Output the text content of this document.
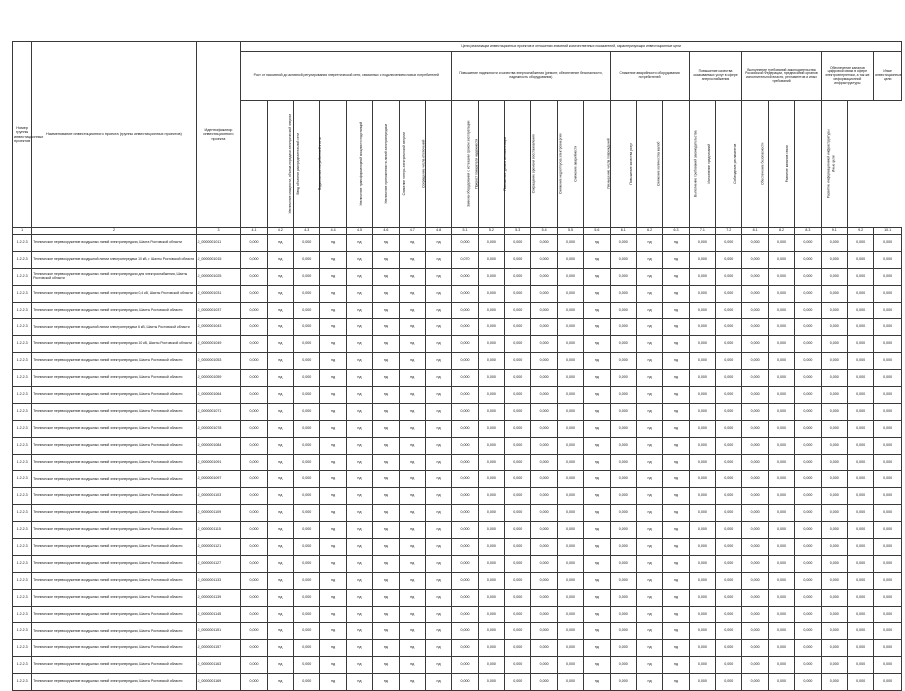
Номер группы инвестиционных проектов	Наименование инвестиционного проекта (группы инвестиционных проектов)	Идентификатор инвестиционного проекта	Цели реализации инвестиционных проектов в отношении значений количественных показателей, характеризующих инвестиционные цели																								
			Рост от пассивной до активной регулирования энергетической сети, связанных с подключением новых потребителей								Повышение надежности и качества энергоснабжения (ремонт, обеспечение безопасности, надежность оборудования)						Снижение аварийности оборудования потребителей			Повышение качества оказываемых услуг в сфере энергоснабжения		Выполнение требований законодательства Российской Федерации, предписаний органов исполнительной власти, регламентов и иных требований			Обеспечение каналов цифровой связи в сфере электроэнергетики, а так же информационной инфраструктуры		Иные инвестиционные цели
			Увеличение мощности, объема передачи электрической энергии	Ввод объектов распределительной сети	Подключение потребителей к сети	Увеличение трансформаторной мощности подстанций	Увеличение протяженности линий электропередачи	Снижение потерь электрической энергии	Сокращение числа отключений	Замена оборудования с истекшим сроком эксплуатации	Прирост показателя надежности	Повышение уровня автоматизации	Сокращение времени восстановления	Снижение недоотпуска электроэнергии	Снижение аварийности	Уменьшение числа повреждений	Повышение качества услуг	Снижение количества жалоб	Выполнение требований законодательства	Исполнение предписаний	Соблюдение регламентов	Обеспечение безопасности	Развитие каналов связи	Развитие информационной инфраструктуры	Иные цели		
1	2	3	4.1	4.2	4.3	4.4	4.5	4.6	4.7	4.8	5.1	5.2	5.3	5.4	5.5	5.6	6.1	6.2	6.3	7.1	7.2	8.1	8.2	8.3	9.1	9.2	10.1
1.2.2.3	Техническое перевооружение воздушных линий электропередачи, Шахта Ростовской области	J_0000001011	0,000	нд	0,000	нд	нд	нд	нд	нд	0,000	0,000	0,000	0,000	0,000	нд	0,000	нд	нд	0,000	0,000	0,000	0,000	0,000	0,000	0,000	0,000
1.2.2.3	Техническое перевооружение воздушной линии электропередачи 10 кВ, г. Шахты Ростовской области	J_0000001015	0,000	нд	0,000	нд	нд	нд	нд	нд	0,070	0,000	0,000	0,000	0,000	нд	0,000	нд	нд	0,000	0,000	0,000	0,000	0,000	0,000	0,000	0,000
1.2.2.3	Техническое перевооружение воздушных линий электропередачи для электроснабжения, Шахты Ростовской области	J_0000001025	0,000	нд	0,000	нд	нд	нд	нд	нд	0,000	0,000	0,000	0,000	0,000	нд	0,000	нд	нд	0,000	0,000	0,000	0,000	0,000	0,000	0,000	0,000
1.2.2.3	Техническое перевооружение воздушных линий электропередачи 0,4 кВ, Шахты Ростовской области	J_0000001031	0,000	нд	0,000	нд	нд	нд	нд	нд	0,000	0,000	0,000	0,000	0,000	нд	0,000	нд	нд	0,000	0,000	0,000	0,000	0,000	0,000	0,000	0,000
1.2.2.3	Техническое перевооружение воздушных линий электропередачи, Шахты Ростовской области	J_0000001037	0,000	нд	0,000	нд	нд	нд	нд	нд	0,000	0,000	0,000	0,000	0,000	нд	0,000	нд	нд	0,000	0,000	0,000	0,000	0,000	0,000	0,000	0,000
1.2.2.3	Техническое перевооружение воздушной линии электропередачи 6 кВ, Шахты Ростовской области	J_0000001043	0,000	нд	0,000	нд	нд	нд	нд	нд	0,000	0,000	0,000	0,000	0,000	нд	0,000	нд	нд	0,000	0,000	0,000	0,000	0,000	0,000	0,000	0,000
1.2.2.3	Техническое перевооружение воздушных линий электропередачи 10 кВ, Шахты Ростовской области	J_0000001049	0,000	нд	0,000	нд	нд	нд	нд	нд	0,000	0,000	0,000	0,000	0,000	нд	0,000	нд	нд	0,000	0,000	0,000	0,000	0,000	0,000	0,000	0,000
1.2.2.3	Техническое перевооружение воздушных линий электропередачи, Шахты Ростовской области	J_0000001053	0,000	нд	0,000	нд	нд	нд	нд	нд	0,000	0,000	0,000	0,000	0,000	нд	0,000	нд	нд	0,000	0,000	0,000	0,000	0,000	0,000	0,000	0,000
1.2.2.3	Техническое перевооружение воздушных линий электропередачи, Шахты Ростовской области	J_0000001059	0,000	нд	0,000	нд	нд	нд	нд	нд	0,000	0,000	0,000	0,000	0,000	нд	0,000	нд	нд	0,000	0,000	0,000	0,000	0,000	0,000	0,000	0,000
1.2.2.3	Техническое перевооружение воздушных линий электропередачи, Шахты Ростовской области	J_0000001064	0,000	нд	0,000	нд	нд	нд	нд	нд	0,000	0,000	0,000	0,000	0,000	нд	0,000	нд	нд	0,000	0,000	0,000	0,000	0,000	0,000	0,000	0,000
1.2.2.3	Техническое перевооружение воздушных линий электропередачи, Шахты Ростовской области	J_0000001071	0,000	нд	0,000	нд	нд	нд	нд	нд	0,000	0,000	0,000	0,000	0,000	нд	0,000	нд	нд	0,000	0,000	0,000	0,000	0,000	0,000	0,000	0,000
1.2.2.3	Техническое перевооружение воздушных линий электропередачи, Шахты Ростовской области	J_0000001078	0,000	нд	0,000	нд	нд	нд	нд	нд	0,000	0,000	0,000	0,000	0,000	нд	0,000	нд	нд	0,000	0,000	0,000	0,000	0,000	0,000	0,000	0,000
1.2.2.3	Техническое перевооружение воздушных линий электропередачи, Шахты Ростовской области	J_0000001084	0,000	нд	0,000	нд	нд	нд	нд	нд	0,000	0,000	0,000	0,000	0,000	нд	0,000	нд	нд	0,000	0,000	0,000	0,000	0,000	0,000	0,000	0,000
1.2.2.3	Техническое перевооружение воздушных линий электропередачи, Шахты Ростовской области	J_0000001091	0,000	нд	0,000	нд	нд	нд	нд	нд	0,000	0,000	0,000	0,000	0,000	нд	0,000	нд	нд	0,000	0,000	0,000	0,000	0,000	0,000	0,000	0,000
1.2.2.3	Техническое перевооружение воздушных линий электропередачи, Шахты Ростовской области	J_0000001097	0,000	нд	0,000	нд	нд	нд	нд	нд	0,000	0,000	0,000	0,000	0,000	нд	0,000	нд	нд	0,000	0,000	0,000	0,000	0,000	0,000	0,000	0,000
1.2.2.3	Техническое перевооружение воздушных линий электропередачи, Шахты Ростовской области	J_0000001103	0,000	нд	0,000	нд	нд	нд	нд	нд	0,000	0,000	0,000	0,000	0,000	нд	0,000	нд	нд	0,000	0,000	0,000	0,000	0,000	0,000	0,000	0,000
1.2.2.3	Техническое перевооружение воздушных линий электропередачи, Шахты Ростовской области	J_0000001109	0,000	нд	0,000	нд	нд	нд	нд	нд	0,000	0,000	0,000	0,000	0,000	нд	0,000	нд	нд	0,000	0,000	0,000	0,000	0,000	0,000	0,000	0,000
1.2.2.3	Техническое перевооружение воздушных линий электропередачи, Шахты Ростовской области	J_0000001115	0,000	нд	0,000	нд	нд	нд	нд	нд	0,000	0,000	0,000	0,000	0,000	нд	0,000	нд	нд	0,000	0,000	0,000	0,000	0,000	0,000	0,000	0,000
1.2.2.3	Техническое перевооружение воздушных линий электропередачи, Шахты Ростовской области	J_0000001121	0,000	нд	0,000	нд	нд	нд	нд	нд	0,000	0,000	0,000	0,000	0,000	нд	0,000	нд	нд	0,000	0,000	0,000	0,000	0,000	0,000	0,000	0,000
1.2.2.3	Техническое перевооружение воздушных линий электропередачи, Шахты Ростовской области	J_0000001127	0,000	нд	0,000	нд	нд	нд	нд	нд	0,000	0,000	0,000	0,000	0,000	нд	0,000	нд	нд	0,000	0,000	0,000	0,000	0,000	0,000	0,000	0,000
1.2.2.3	Техническое перевооружение воздушных линий электропередачи, Шахты Ростовской области	J_0000001133	0,000	нд	0,000	нд	нд	нд	нд	нд	0,000	0,000	0,000	0,000	0,000	нд	0,000	нд	нд	0,000	0,000	0,000	0,000	0,000	0,000	0,000	0,000
1.2.2.3	Техническое перевооружение воздушных линий электропередачи, Шахты Ростовской области	J_0000001139	0,000	нд	0,000	нд	нд	нд	нд	нд	0,000	0,000	0,000	0,000	0,000	нд	0,000	нд	нд	0,000	0,000	0,000	0,000	0,000	0,000	0,000	0,000
1.2.2.3	Техническое перевооружение воздушных линий электропередачи, Шахты Ростовской области	J_0000001145	0,000	нд	0,000	нд	нд	нд	нд	нд	0,000	0,000	0,000	0,000	0,000	нд	0,000	нд	нд	0,000	0,000	0,000	0,000	0,000	0,000	0,000	0,000
1.2.2.3	Техническое перевооружение воздушных линий электропередачи, Шахты Ростовской области	J_0000001151	0,000	нд	0,000	нд	нд	нд	нд	нд	0,000	0,000	0,000	0,000	0,000	нд	0,000	нд	нд	0,000	0,000	0,000	0,000	0,000	0,000	0,000	0,000
1.2.2.3	Техническое перевооружение воздушных линий электропередачи, Шахты Ростовской области	J_0000001157	0,000	нд	0,000	нд	нд	нд	нд	нд	0,000	0,000	0,000	0,000	0,000	нд	0,000	нд	нд	0,000	0,000	0,000	0,000	0,000	0,000	0,000	0,000
1.2.2.3	Техническое перевооружение воздушных линий электропередачи, Шахты Ростовской области	J_0000001163	0,000	нд	0,000	нд	нд	нд	нд	нд	0,000	0,000	0,000	0,000	0,000	нд	0,000	нд	нд	0,000	0,000	0,000	0,000	0,000	0,000	0,000	0,000
1.2.2.3	Техническое перевооружение воздушных линий электропередачи, Шахты Ростовской области	J_0000001169	0,000	нд	0,000	нд	нд	нд	нд	нд	0,000	0,000	0,000	0,000	0,000	нд	0,000	нд	нд	0,000	0,000	0,000	0,000	0,000	0,000	0,000	0,000
